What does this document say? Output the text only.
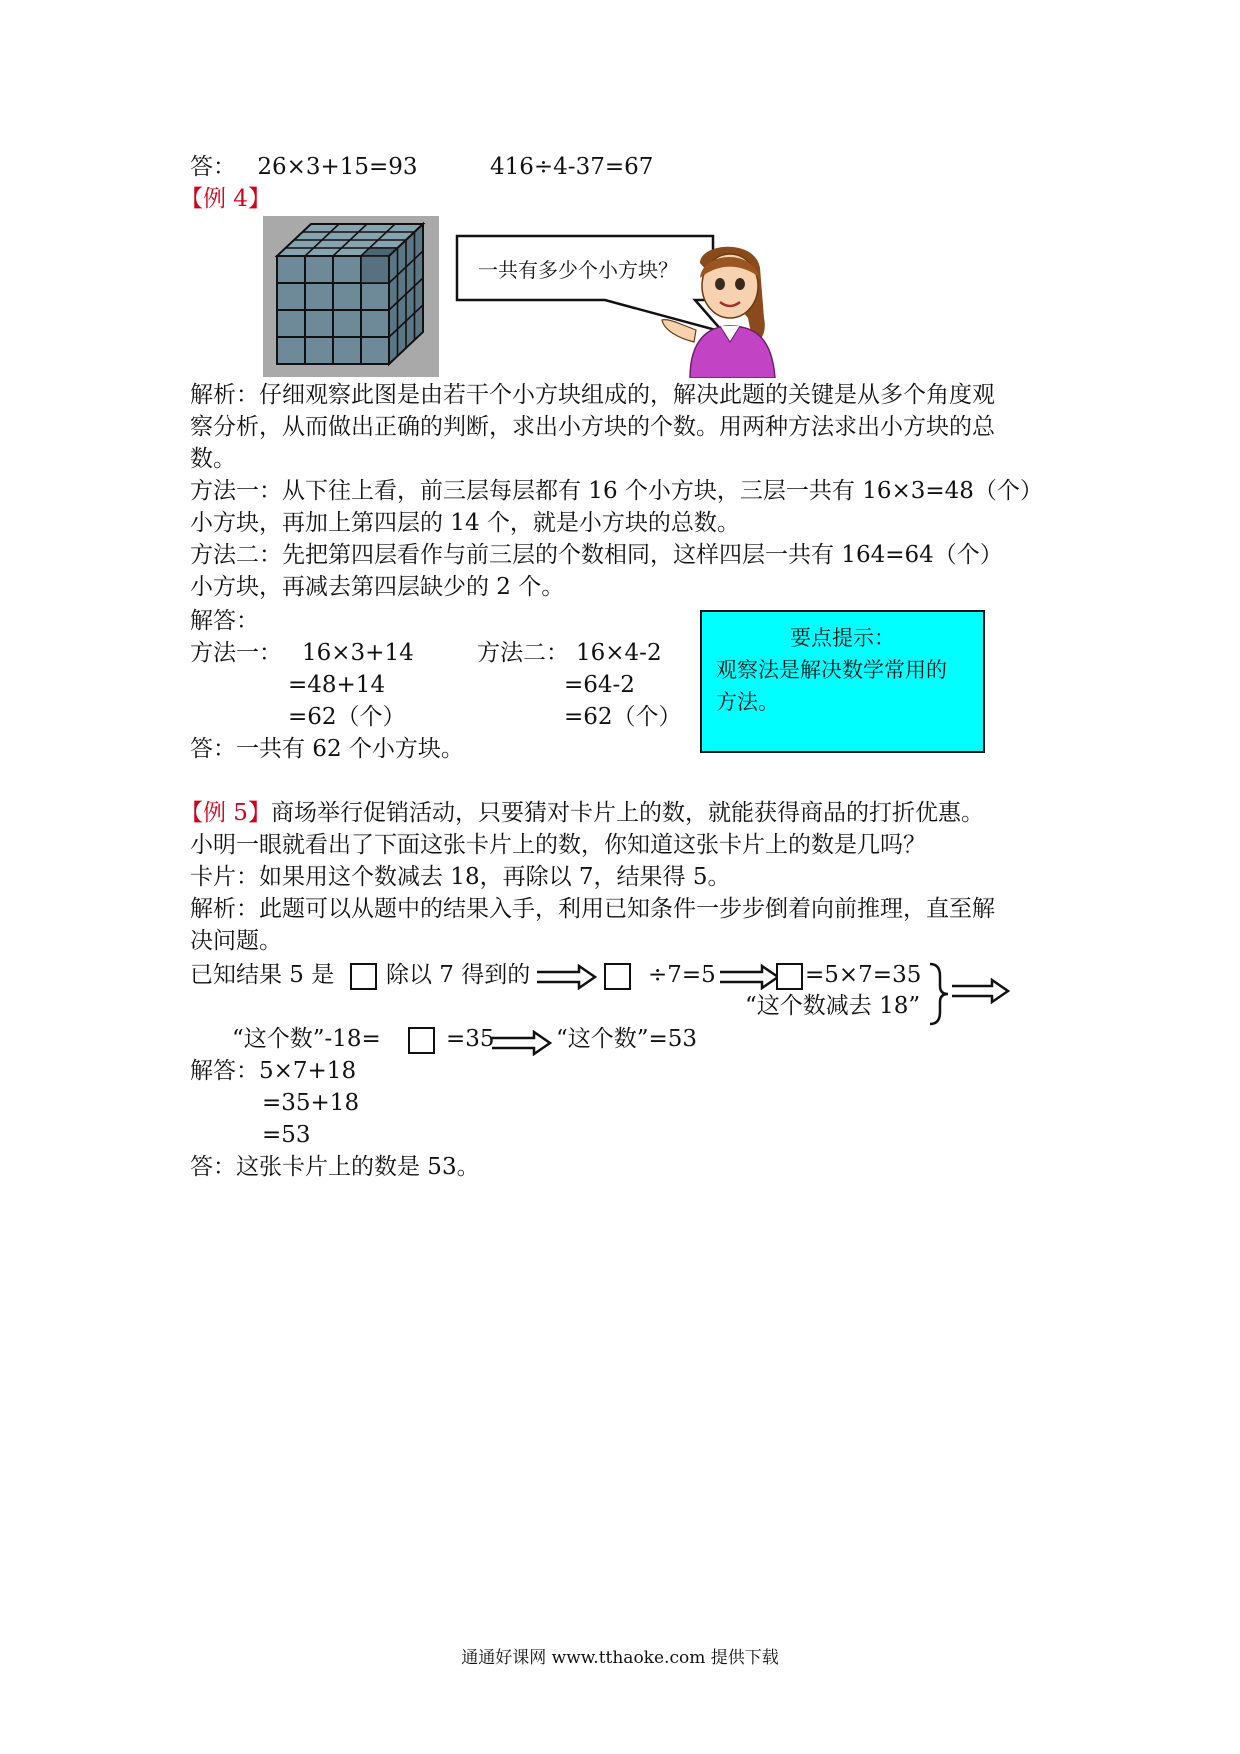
答： 26×3+15=93	416÷4-37=67
【例 4】
一共有多少个小方块？
解析：仔细观察此图是由若干个小方块组成的，解决此题的关键是从多个角度观
察分析，从而做出正确的判断，求出小方块的个数。用两种方法求出小方块的总
数。
方法一：从下往上看，前三层每层都有 16 个小方块，三层一共有 16×3=48（个）
小方块，再加上第四层的 14 个，就是小方块的总数。
方法二：先把第四层看作与前三层的个数相同，这样四层一共有 164=64（个）
小方块，再减去第四层缺少的 2 个。
解答：
方法一： 16×3+14
=48+14
=62（个）
方法二： 16×4-2
=64-2
=62（个）
答：一共有 62 个小方块。
要点提示：
观察法是解决数学常用的方法。
【例 5】商场举行促销活动，只要猜对卡片上的数，就能获得商品的打折优惠。
小明一眼就看出了下面这张卡片上的数，你知道这张卡片上的数是几吗？
卡片：如果用这个数减去 18，再除以 7，结果得 5。
解析：此题可以从题中的结果入手，利用已知条件一步步倒着向前推理，直至解
决问题。
已知结果 5 是 除以 7 得到的	÷7=5	=5×7=35
“这个数减去 18”
“这个数”-18=	=35	“这个数”=53
解答：5×7+18
=35+18
=53
答：这张卡片上的数是 53。
通通好课网 www.tthaoke.com 提供下载
